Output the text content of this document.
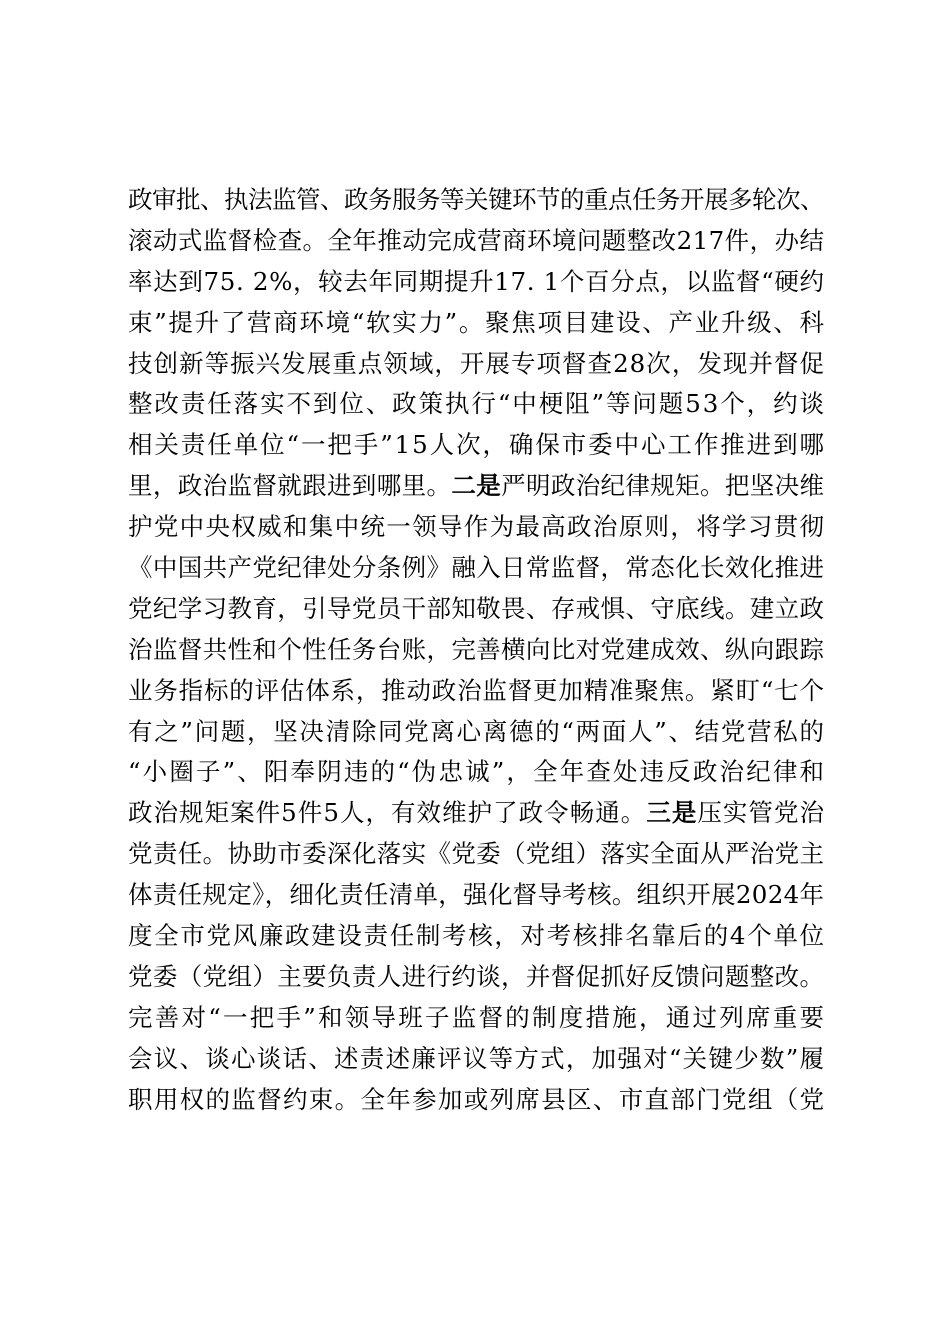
政审批、执法监管、政务服务等关键环节的重点任务开展多轮次、
滚动式监督检查。全年推动完成营商环境问题整改217件，办结
率达到75. 2%，较去年同期提升17. 1个百分点，以监督“硬约
束”提升了营商环境“软实力”。聚焦项目建设、产业升级、科
技创新等振兴发展重点领域，开展专项督查28次，发现并督促
整改责任落实不到位、政策执行“中梗阻”等问题53个，约谈
相关责任单位“一把手”15人次，确保市委中心工作推进到哪
里，政治监督就跟进到哪里。二是严明政治纪律规矩。把坚决维
护党中央权威和集中统一领导作为最高政治原则，将学习贯彻
《中国共产党纪律处分条例》融入日常监督，常态化长效化推进
党纪学习教育，引导党员干部知敬畏、存戒惧、守底线。建立政
治监督共性和个性任务台账，完善横向比对党建成效、纵向跟踪
业务指标的评估体系，推动政治监督更加精准聚焦。紧盯“七个
有之”问题，坚决清除同党离心离德的“两面人”、结党营私的
“小圈子”、阳奉阴违的“伪忠诚”，全年查处违反政治纪律和
政治规矩案件5件5人，有效维护了政令畅通。三是压实管党治
党责任。协助市委深化落实《党委（党组）落实全面从严治党主
体责任规定》，细化责任清单，强化督导考核。组织开展2024年
度全市党风廉政建设责任制考核，对考核排名靠后的4个单位
党委（党组）主要负责人进行约谈，并督促抓好反馈问题整改。
完善对“一把手”和领导班子监督的制度措施，通过列席重要
会议、谈心谈话、述责述廉评议等方式，加强对“关键少数”履
职用权的监督约束。全年参加或列席县区、市直部门党组（党
